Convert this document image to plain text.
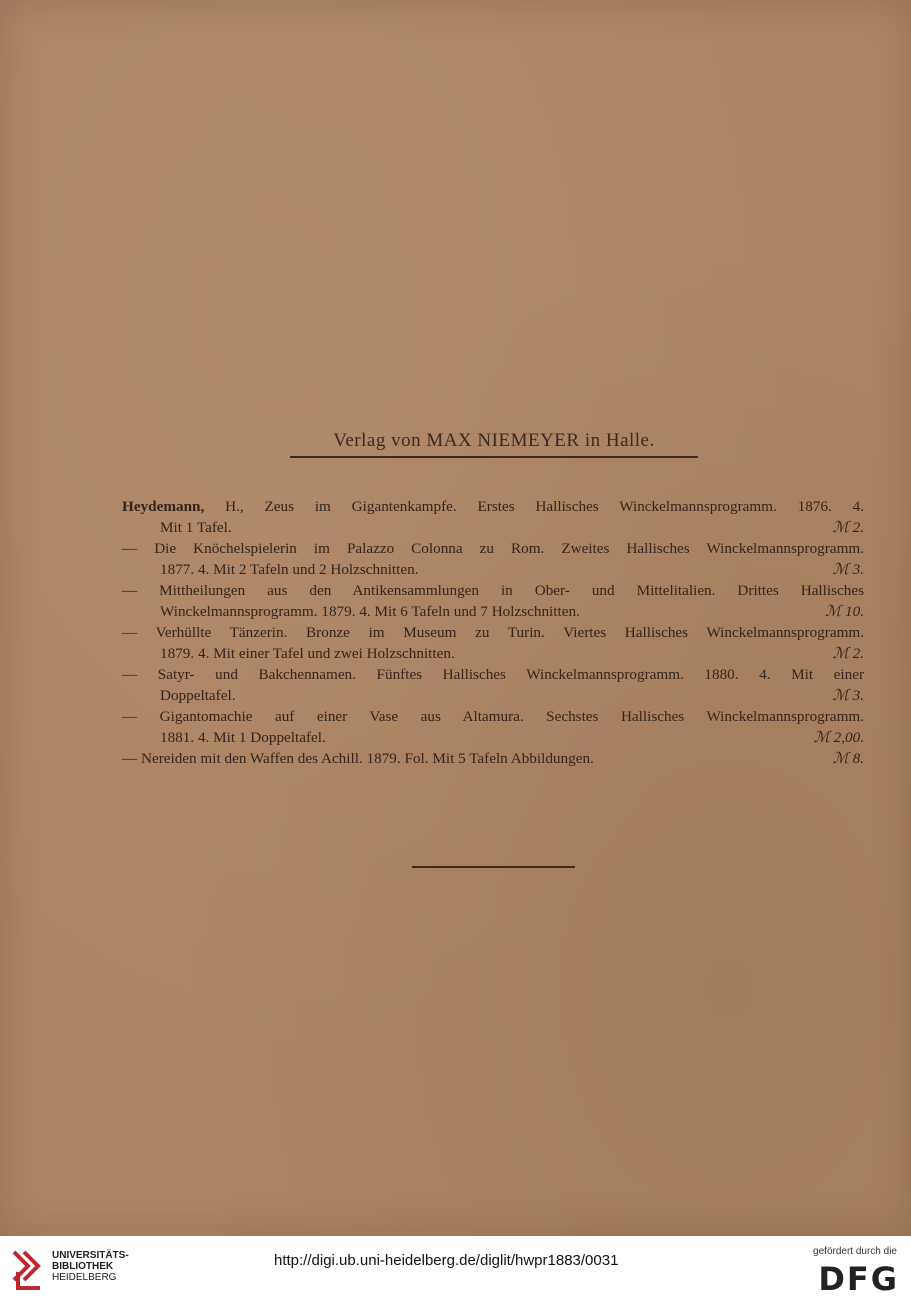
Verlag von MAX NIEMEYER in Halle.
Heydemann, H., Zeus im Gigantenkampfe. Erstes Hallisches Winckelmannsprogramm. 1876. 4.
Mit 1 Tafel.	ℳ 2.
— Die Knöchelspielerin im Palazzo Colonna zu Rom. Zweites Hallisches Winckelmannsprogramm.
1877. 4. Mit 2 Tafeln und 2 Holzschnitten.	ℳ 3.
— Mittheilungen aus den Antikensammlungen in Ober- und Mittelitalien. Drittes Hallisches
Winckelmannsprogramm. 1879. 4. Mit 6 Tafeln und 7 Holzschnitten.	ℳ 10.
— Verhüllte Tänzerin. Bronze im Museum zu Turin. Viertes Hallisches Winckelmannsprogramm.
1879. 4. Mit einer Tafel und zwei Holzschnitten.	ℳ 2.
— Satyr- und Bakchennamen. Fünftes Hallisches Winckelmannsprogramm. 1880. 4. Mit einer
Doppeltafel.	ℳ 3.
— Gigantomachie auf einer Vase aus Altamura. Sechstes Hallisches Winckelmannsprogramm.
1881. 4. Mit 1 Doppeltafel.	ℳ 2,00.
— Nereiden mit den Waffen des Achill. 1879. Fol. Mit 5 Tafeln Abbildungen.	ℳ 8.
UNIVERSITÄTS-
BIBLIOTHEK
HEIDELBERG
http://digi.ub.uni-heidelberg.de/diglit/hwpr1883/0031
gefördert durch die
DFG
